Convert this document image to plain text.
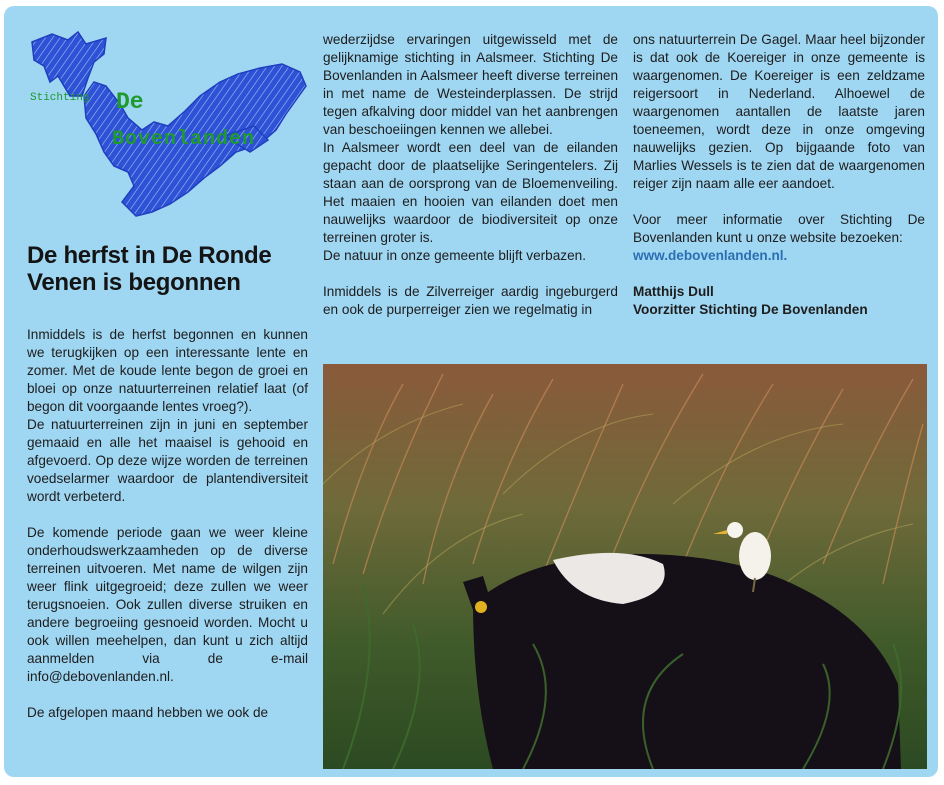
Stichting De
Bovenlanden
De herfst in De Ronde
Venen is begonnen

Inmiddels is de herfst begonnen en kunnen we terugkijken op een interessante lente en zomer. Met de koude lente begon de groei en bloei op onze natuurterreinen relatief laat (of begon dit voorgaande lentes vroeg?).

De natuurterreinen zijn in juni en september gemaaid en alle het maaisel is gehooid en afgevoerd. Op deze wijze worden de terreinen voedselarmer waardoor de plantendiversiteit wordt verbeterd.

De komende periode gaan we weer kleine onderhoudswerkzaamheden op de diverse terreinen uitvoeren. Met name de wilgen zijn weer flink uitgegroeid; deze zullen we weer terugsnoeien. Ook zullen diverse struiken en andere begroeiing gesnoeid worden. Mocht u ook willen meehelpen, dan kunt u zich altijd aanmelden via de e-mail info@debovenlanden.nl.

De afgelopen maand hebben we ook de

wederzijdse ervaringen uitgewisseld met de gelijknamige stichting in Aalsmeer. Stichting De Bovenlanden in Aalsmeer heeft diverse terreinen in met name de Westeinderplassen. De strijd tegen afkalving door middel van het aanbrengen van beschoeiingen kennen we allebei.

In Aalsmeer wordt een deel van de eilanden gepacht door de plaatselijke Seringentelers. Zij staan aan de oorsprong van de Bloemenveiling. Het maaien en hooien van eilanden doet men nauwelijks waardoor de biodiversiteit op onze terreinen groter is.

De natuur in onze gemeente blijft verbazen.

Inmiddels is de Zilverreiger aardig ingeburgerd en ook de purperreiger zien we regelmatig in

ons natuurterrein De Gagel. Maar heel bijzonder is dat ook de Koereiger in onze gemeente is waargenomen. De Koereiger is een zeldzame reigersoort in Nederland. Alhoewel de waargenomen aantallen de laatste jaren toeneemen, wordt deze in onze omgeving nauwelijks gezien. Op bijgaande foto van Marlies Wessels is te zien dat de waargenomen reiger zijn naam alle eer aandoet.

Voor meer informatie over Stichting De Bovenlanden kunt u onze website bezoeken:

www.debovenlanden.nl.

Matthijs Dull

Voorzitter Stichting De Bovenlanden
